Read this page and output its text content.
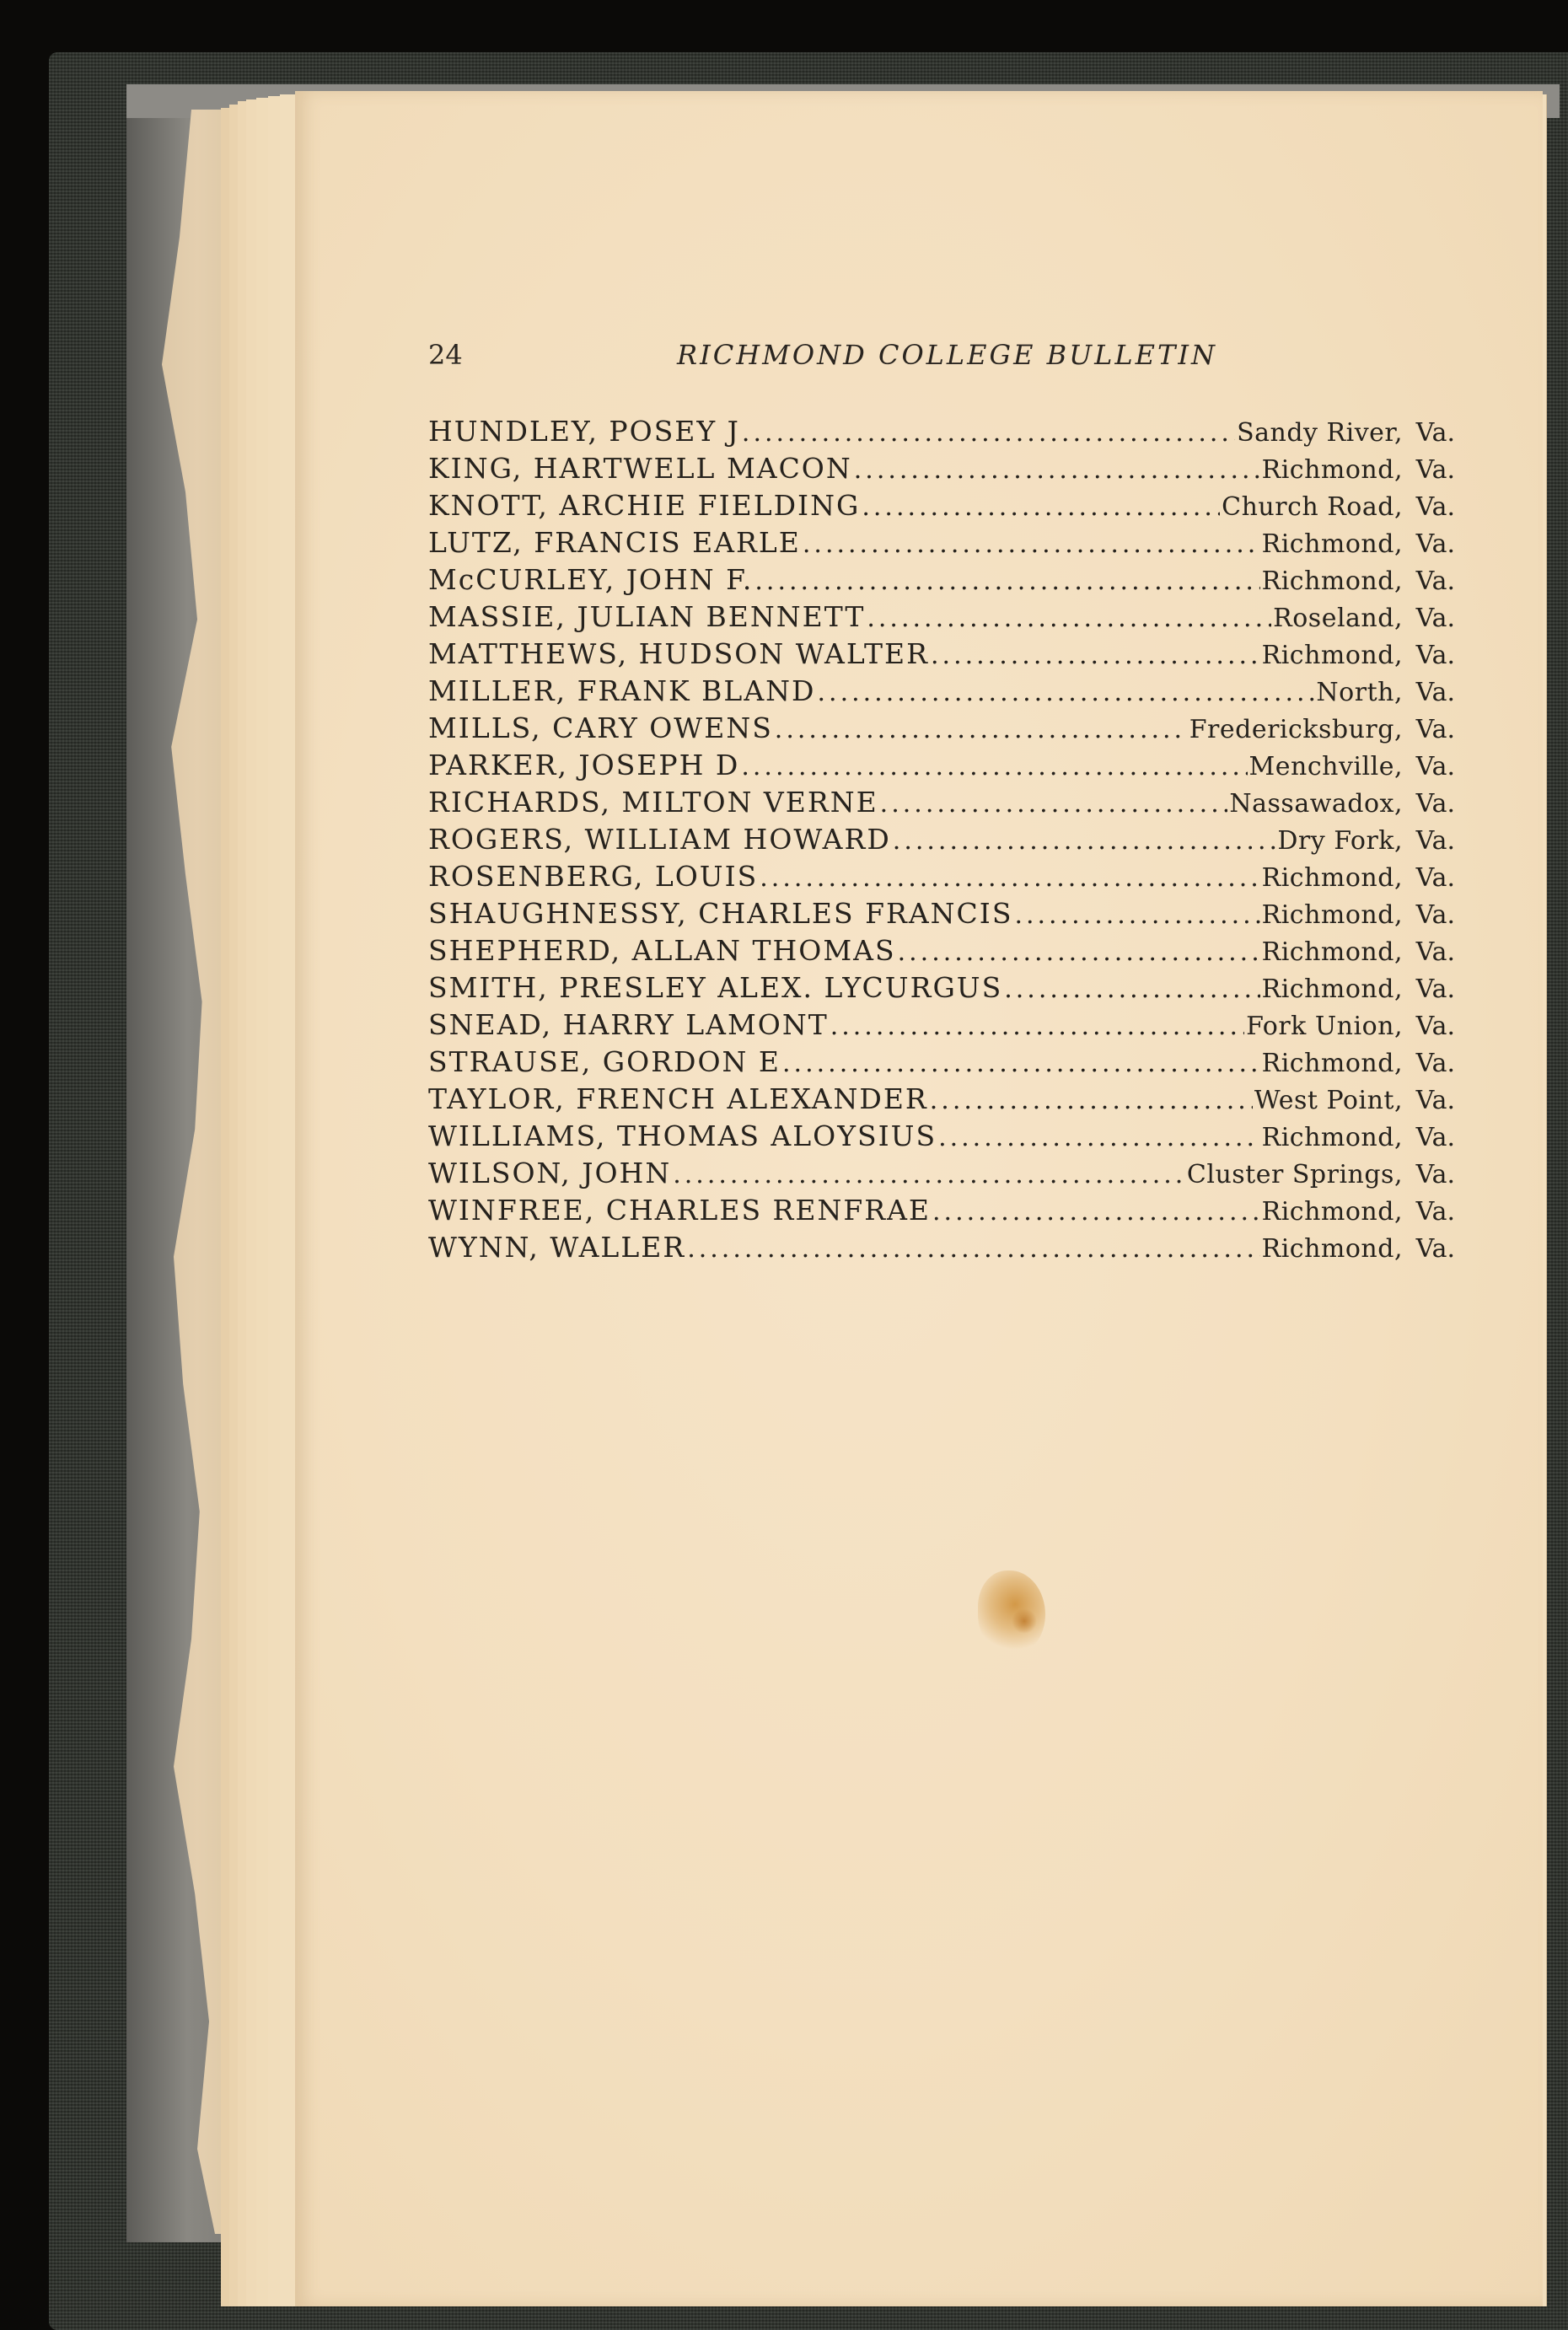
24	RICHMOND COLLEGE BULLETIN
HUNDLEY, POSEY J .....	Sandy River, Va.
KING, HARTWELL MACON .....	Richmond, Va.
KNOTT, ARCHIE FIELDING .....	Church Road, Va.
LUTZ, FRANCIS EARLE .....	Richmond, Va.
McCURLEY, JOHN F. .....	Richmond, Va.
MASSIE, JULIAN BENNETT .....	Roseland, Va.
MATTHEWS, HUDSON WALTER .....	Richmond, Va.
MILLER, FRANK BLAND .....	North, Va.
MILLS, CARY OWENS .....	Fredericksburg, Va.
PARKER, JOSEPH D .....	Menchville, Va.
RICHARDS, MILTON VERNE .....	Nassawadox, Va.
ROGERS, WILLIAM HOWARD .....	Dry Fork, Va.
ROSENBERG, LOUIS .....	Richmond, Va.
SHAUGHNESSY, CHARLES FRANCIS .....	Richmond, Va.
SHEPHERD, ALLAN THOMAS .....	Richmond, Va.
SMITH, PRESLEY ALEX. LYCURGUS .....	Richmond, Va.
SNEAD, HARRY LAMONT .....	Fork Union, Va.
STRAUSE, GORDON E .....	Richmond, Va.
TAYLOR, FRENCH ALEXANDER .....	West Point, Va.
WILLIAMS, THOMAS ALOYSIUS .....	Richmond, Va.
WILSON, JOHN .....	Cluster Springs, Va.
WINFREE, CHARLES RENFRAE .....	Richmond, Va.
WYNN, WALLER .....	Richmond, Va.
